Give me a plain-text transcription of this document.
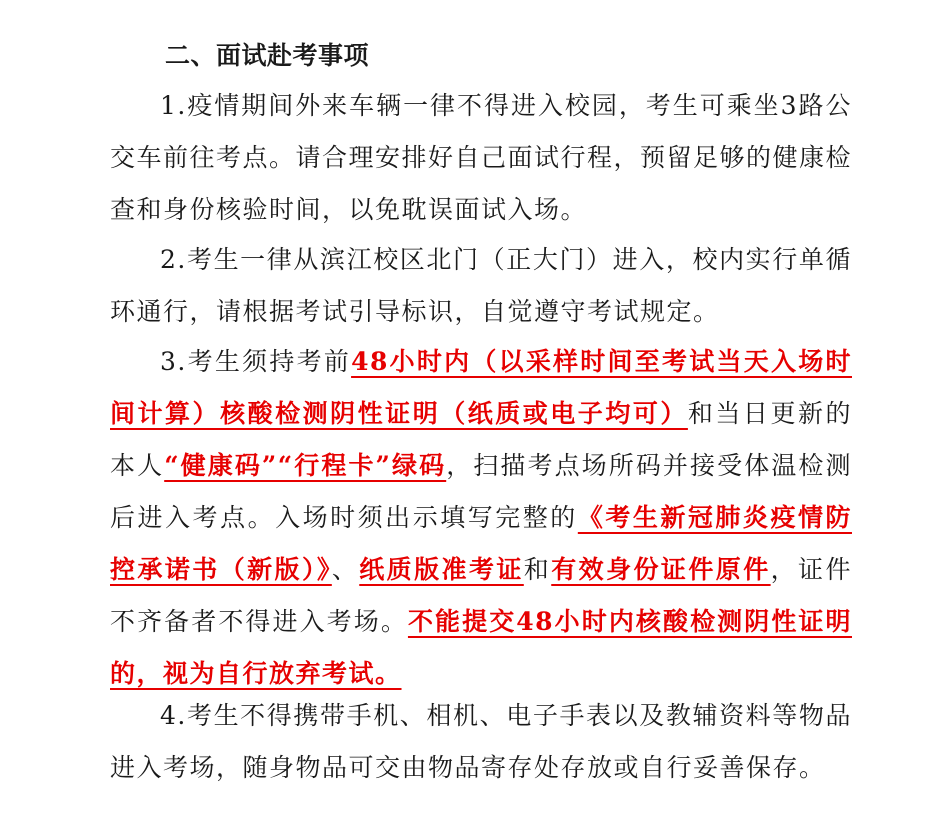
二、面试赴考事项

1.疫情期间外来车辆一律不得进入校园，考生可乘坐3路公交车前往考点。请合理安排好自己面试行程，预留足够的健康检查和身份核验时间，以免耽误面试入场。

2.考生一律从滨江校区北门（正大门）进入，校内实行单循环通行，请根据考试引导标识，自觉遵守考试规定。

3.考生须持考前48小时内（以采样时间至考试当天入场时间计算）核酸检测阴性证明（纸质或电子均可）和当日更新的本人“健康码”“行程卡”绿码，扫描考点场所码并接受体温检测后进入考点。入场时须出示填写完整的《考生新冠肺炎疫情防控承诺书（新版）》、纸质版准考证和有效身份证件原件，证件不齐备者不得进入考场。不能提交48小时内核酸检测阴性证明的，视为自行放弃考试。

4.考生不得携带手机、相机、电子手表以及教辅资料等物品进入考场，随身物品可交由物品寄存处存放或自行妥善保存。
